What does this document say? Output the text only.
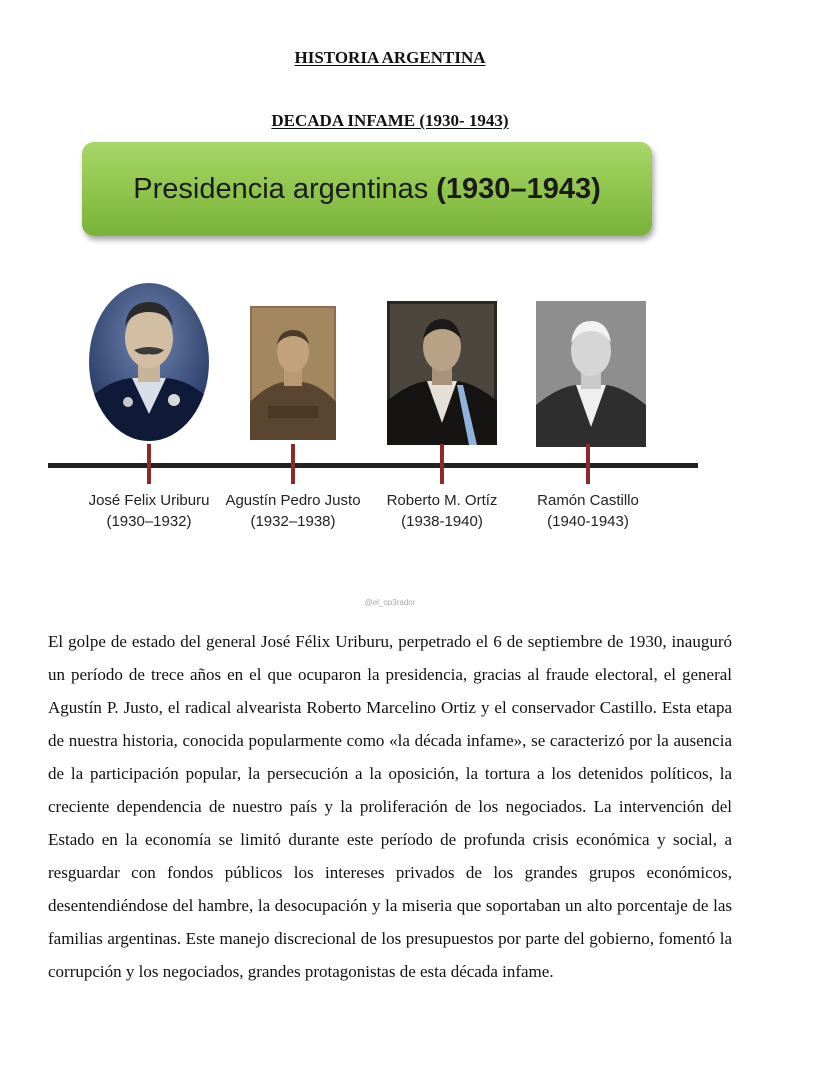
HISTORIA ARGENTINA
DECADA INFAME (1930- 1943)
Presidencia argentinas (1930–1943)
José Felix Uriburu
(1930–1932)
Agustín Pedro Justo
(1932–1938)
Roberto M. Ortíz
(1938-1940)
Ramón Castillo
(1940-1943)
@el_op3rador

El golpe de estado del general José Félix Uriburu, perpetrado el 6 de septiembre de 1930, inauguró un período de trece años en el que ocuparon la presidencia, gracias al fraude electoral, el general Agustín P. Justo, el radical alvearista Roberto Marcelino Ortiz y el conservador Castillo. Esta etapa de nuestra historia, conocida popularmente como «la década infame», se caracterizó por la ausencia de la participación popular, la persecución a la oposición, la tortura a los detenidos políticos, la creciente dependencia de nuestro país y la proliferación de los negociados. La intervención del Estado en la economía se limitó durante este período de profunda crisis económica y social, a resguardar con fondos públicos los intereses privados de los grandes grupos económicos, desentendiéndose del hambre, la desocupación y la miseria que soportaban un alto porcentaje de las familias argentinas. Este manejo discrecional de los presupuestos por parte del gobierno, fomentó la corrupción y los negociados, grandes protagonistas de esta década infame.
